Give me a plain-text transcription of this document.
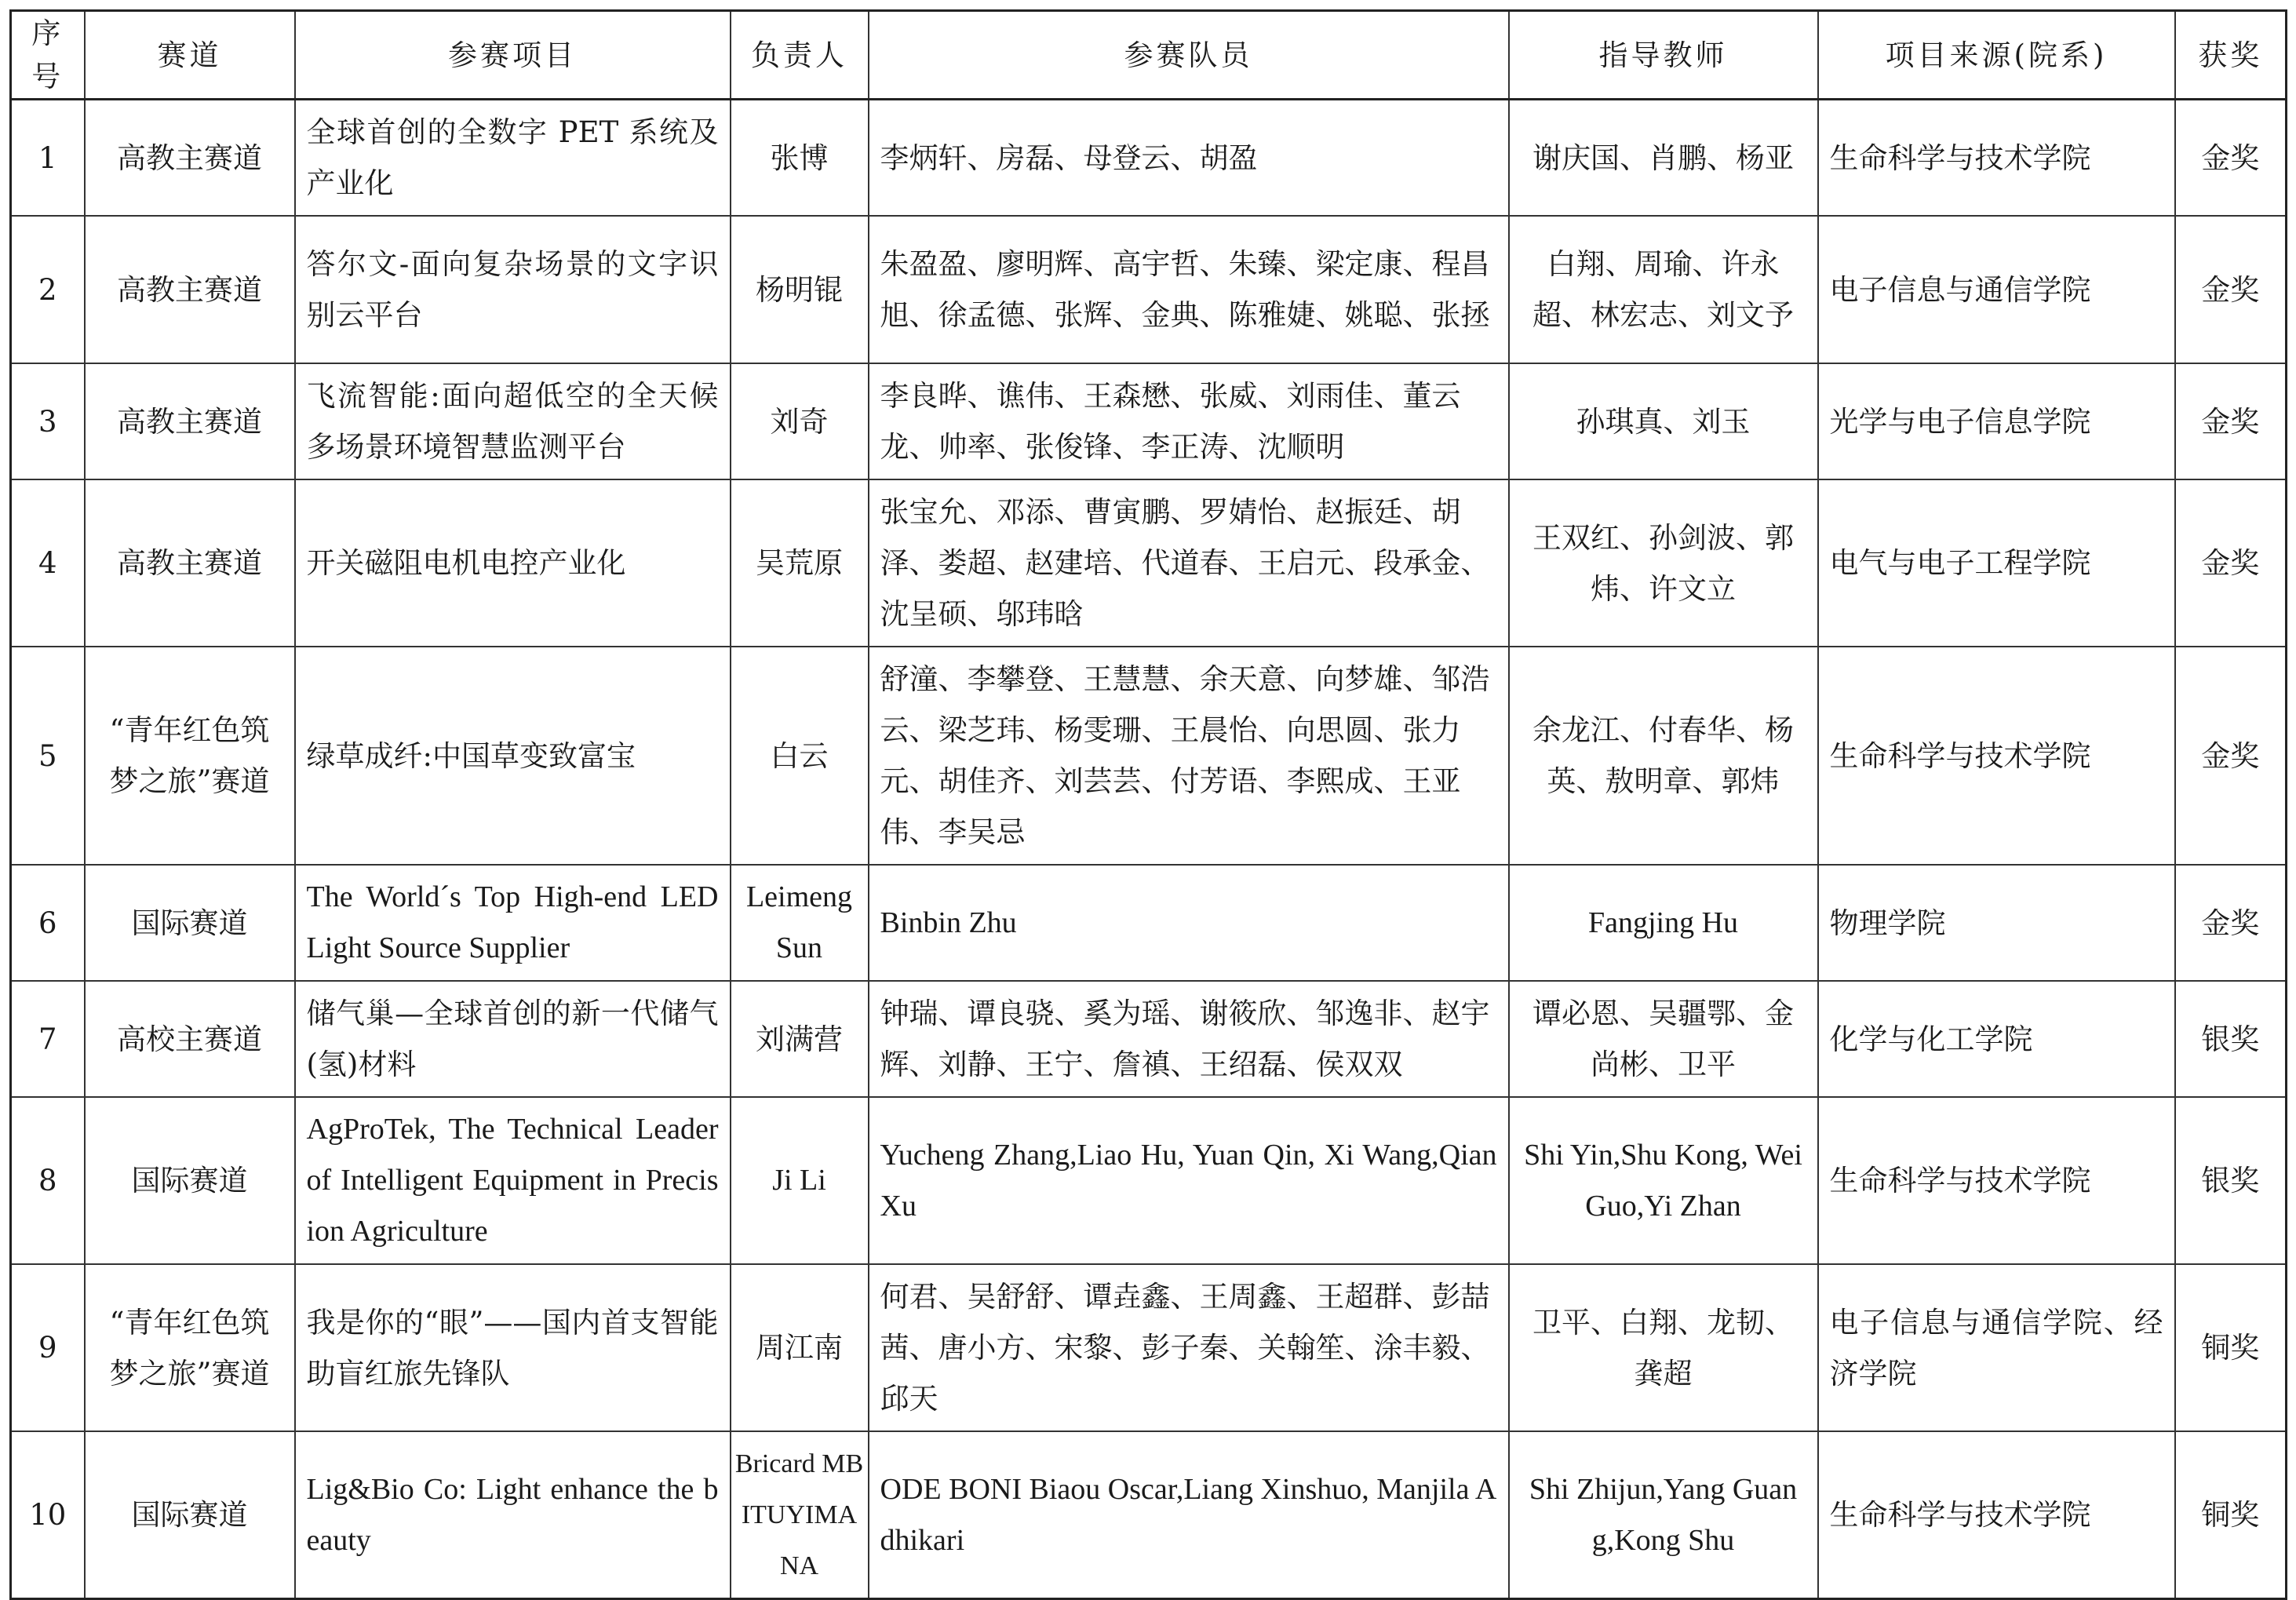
序号	赛道	参赛项目	负责人	参赛队员	指导教师	项目来源(院系)	获奖
1	高教主赛道	全球首创的全数字 PET 系统及产业化	张博	李炳轩、房磊、母登云、胡盈	谢庆国、肖鹏、杨亚	生命科学与技术学院	金奖
2	高教主赛道	答尔文-面向复杂场景的文字识别云平台	杨明锟	朱盈盈、廖明辉、高宇哲、朱臻、梁定康、程昌旭、徐孟德、张辉、金典、陈雅婕、姚聪、张拯	白翔、周瑜、许永超、林宏志、刘文予	电子信息与通信学院	金奖
3	高教主赛道	飞流智能:面向超低空的全天候多场景环境智慧监测平台	刘奇	李良晔、谯伟、王森懋、张威、刘雨佳、董云龙、帅率、张俊锋、李正涛、沈顺明	孙琪真、刘玉	光学与电子信息学院	金奖
4	高教主赛道	开关磁阻电机电控产业化	吴荒原	张宝允、邓添、曹寅鹏、罗婧怡、赵振廷、胡泽、娄超、赵建培、代道春、王启元、段承金、沈呈硕、邬玮晗	王双红、孙剑波、郭炜、许文立	电气与电子工程学院	金奖
5	“青年红色筑梦之旅”赛道	绿草成纤:中国草变致富宝	白云	舒潼、李攀登、王慧慧、余天意、向梦雄、邹浩云、梁芝玮、杨雯珊、王晨怡、向思圆、张力元、胡佳齐、刘芸芸、付芳语、李熙成、王亚伟、李吴忌	余龙江、付春华、杨英、敖明章、郭炜	生命科学与技术学院	金奖
6	国际赛道	The World´s Top High-end LED Light Source Supplier	Leimeng Sun	Binbin Zhu	Fangjing Hu	物理学院	金奖
7	高校主赛道	储气巢—全球首创的新一代储气(氢)材料	刘满营	钟瑞、谭良骁、奚为瑶、谢筱欣、邹逸非、赵宇辉、刘静、王宁、詹禛、王绍磊、侯双双	谭必恩、吴疆鄂、金尚彬、卫平	化学与化工学院	银奖
8	国际赛道	AgProTek, The Technical Leader of Intelligent Equipment in Precision Agriculture	Ji Li	Yucheng Zhang,Liao Hu, Yuan Qin, Xi Wang,Qian Xu	Shi Yin,Shu Kong, Wei Guo,Yi Zhan	生命科学与技术学院	银奖
9	“青年红色筑梦之旅”赛道	我是你的“眼”——国内首支智能助盲红旅先锋队	周江南	何君、吴舒舒、谭垚鑫、王周鑫、王超群、彭喆茜、唐小方、宋黎、彭子秦、关翰笙、涂丰毅、邱天	卫平、白翔、龙韧、龚超	电子信息与通信学院、经济学院	铜奖
10	国际赛道	Lig&Bio Co: Light enhance the beauty	Bricard MBITUYIMANA	ODE BONI Biaou Oscar,Liang Xinshuo, Manjila Adhikari	Shi Zhijun,Yang Guang,Kong Shu	生命科学与技术学院	铜奖
